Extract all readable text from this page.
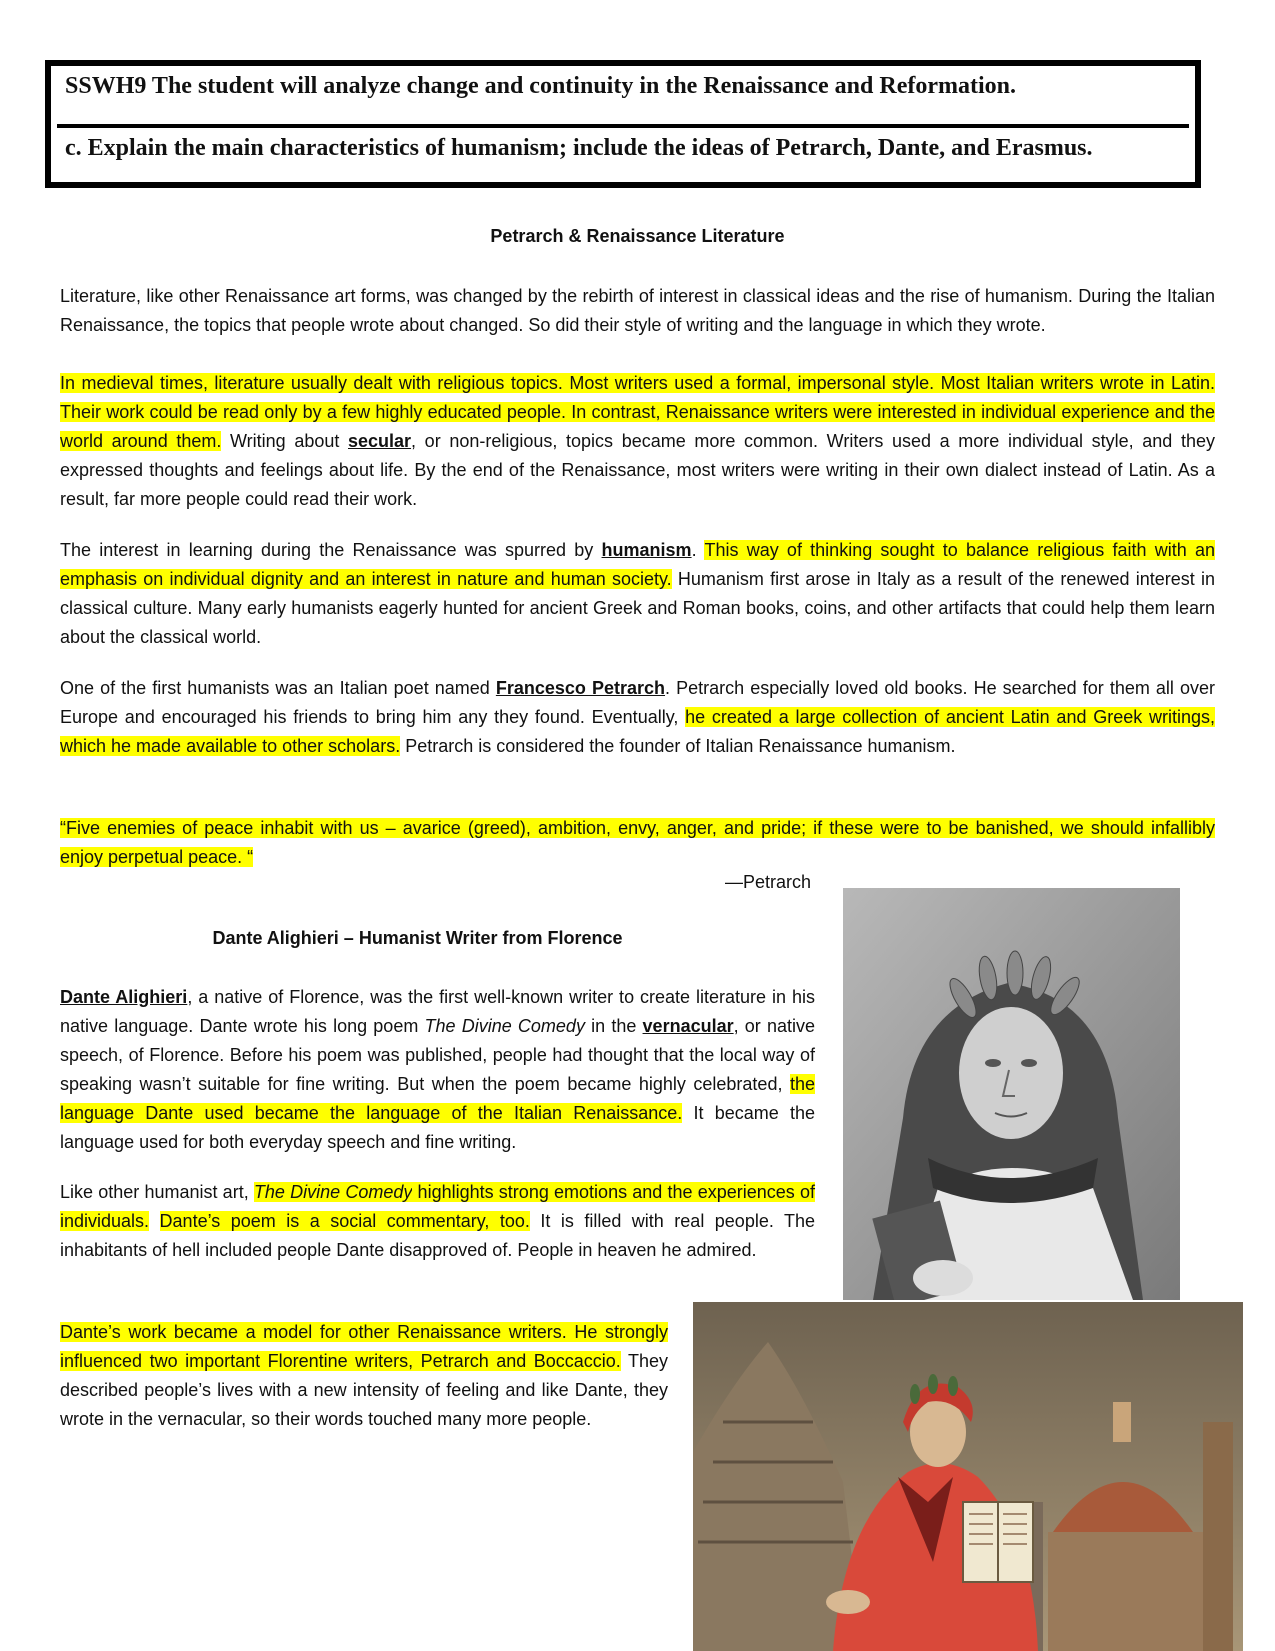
SSWH9 The student will analyze change and continuity in the Renaissance and Reformation.
c. Explain the main characteristics of humanism; include the ideas of Petrarch, Dante, and Erasmus.
Petrarch & Renaissance Literature
Literature, like other Renaissance art forms, was changed by the rebirth of interest in classical ideas and the rise of humanism. During the Italian Renaissance, the topics that people wrote about changed. So did their style of writing and the language in which they wrote.
In medieval times, literature usually dealt with religious topics. Most writers used a formal, impersonal style. Most Italian writers wrote in Latin. Their work could be read only by a few highly educated people. In contrast, Renaissance writers were interested in individual experience and the world around them. Writing about secular, or non-religious, topics became more common. Writers used a more individual style, and they expressed thoughts and feelings about life. By the end of the Renaissance, most writers were writing in their own dialect instead of Latin. As a result, far more people could read their work.
The interest in learning during the Renaissance was spurred by humanism. This way of thinking sought to balance religious faith with an emphasis on individual dignity and an interest in nature and human society. Humanism first arose in Italy as a result of the renewed interest in classical culture. Many early humanists eagerly hunted for ancient Greek and Roman books, coins, and other artifacts that could help them learn about the classical world.
One of the first humanists was an Italian poet named Francesco Petrarch. Petrarch especially loved old books. He searched for them all over Europe and encouraged his friends to bring him any they found. Eventually, he created a large collection of ancient Latin and Greek writings, which he made available to other scholars. Petrarch is considered the founder of Italian Renaissance humanism.
“Five enemies of peace inhabit with us – avarice (greed), ambition, envy, anger, and pride; if these were to be banished, we should infallibly enjoy perpetual peace. “
—Petrarch
Dante Alighieri – Humanist Writer from Florence
Dante Alighieri, a native of Florence, was the first well-known writer to create literature in his native language. Dante wrote his long poem The Divine Comedy in the vernacular, or native speech, of Florence. Before his poem was published, people had thought that the local way of speaking wasn’t suitable for fine writing. But when the poem became highly celebrated, the language Dante used became the language of the Italian Renaissance. It became the language used for both everyday speech and fine writing.
Like other humanist art, The Divine Comedy highlights strong emotions and the experiences of individuals. Dante’s poem is a social commentary, too. It is filled with real people. The inhabitants of hell included people Dante disapproved of. People in heaven he admired.
Dante’s work became a model for other Renaissance writers. He strongly influenced two important Florentine writers, Petrarch and Boccaccio. They described people’s lives with a new intensity of feeling and like Dante, they wrote in the vernacular, so their words touched many more people.
